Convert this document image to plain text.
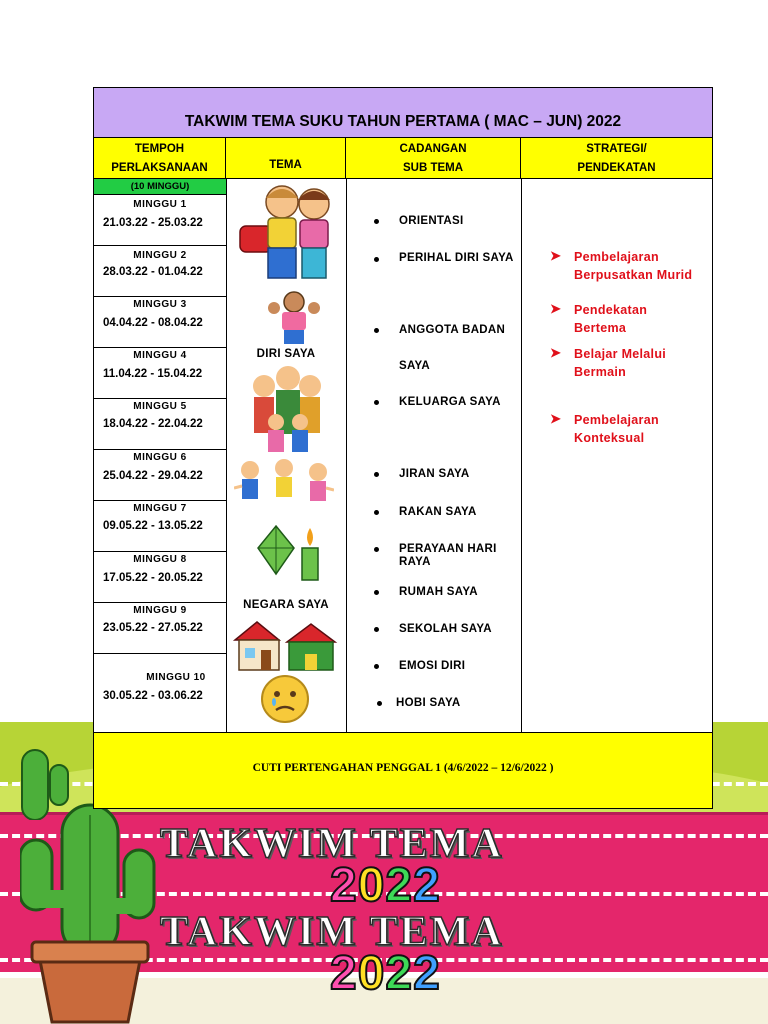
TAKWIM TEMA
2022
TAKWIM TEMA
2022
TAKWIM TEMA SUKU TAHUN PERTAMA ( MAC – JUN) 2022
TEMPOH
PERLAKSANAAN	TEMA
CADANGAN
SUB TEMA
STRATEGI/
PENDEKATAN
(10 MINGGU)
MINGGU 1
21.03.22 - 25.03.22
MINGGU 2
28.03.22 - 01.04.22
MINGGU 3
04.04.22 - 08.04.22
MINGGU 4
11.04.22 - 15.04.22
MINGGU 5
18.04.22 - 22.04.22
MINGGU 6
25.04.22 - 29.04.22
MINGGU 7
09.05.22 - 13.05.22
MINGGU 8
17.05.22 - 20.05.22
MINGGU 9
23.05.22 - 27.05.22
MINGGU 10
30.05.22 - 03.06.22
DIRI SAYA
NEGARA SAYA
ORIENTASI
PERIHAL DIRI SAYA
ANGGOTA BADAN
SAYA
KELUARGA SAYA
JIRAN SAYA
RAKAN SAYA
PERAYAAN HARI
RAYA
RUMAH SAYA
SEKOLAH SAYA
EMOSI DIRI
HOBI SAYA
➤ Pembelajaran
Berpusatkan Murid
➤ Pendekatan
Bertema
➤ Belajar Melalui
Bermain
➤ Pembelajaran
Konteksual
CUTI PERTENGAHAN PENGGAL 1 (4/6/2022 – 12/6/2022 )
